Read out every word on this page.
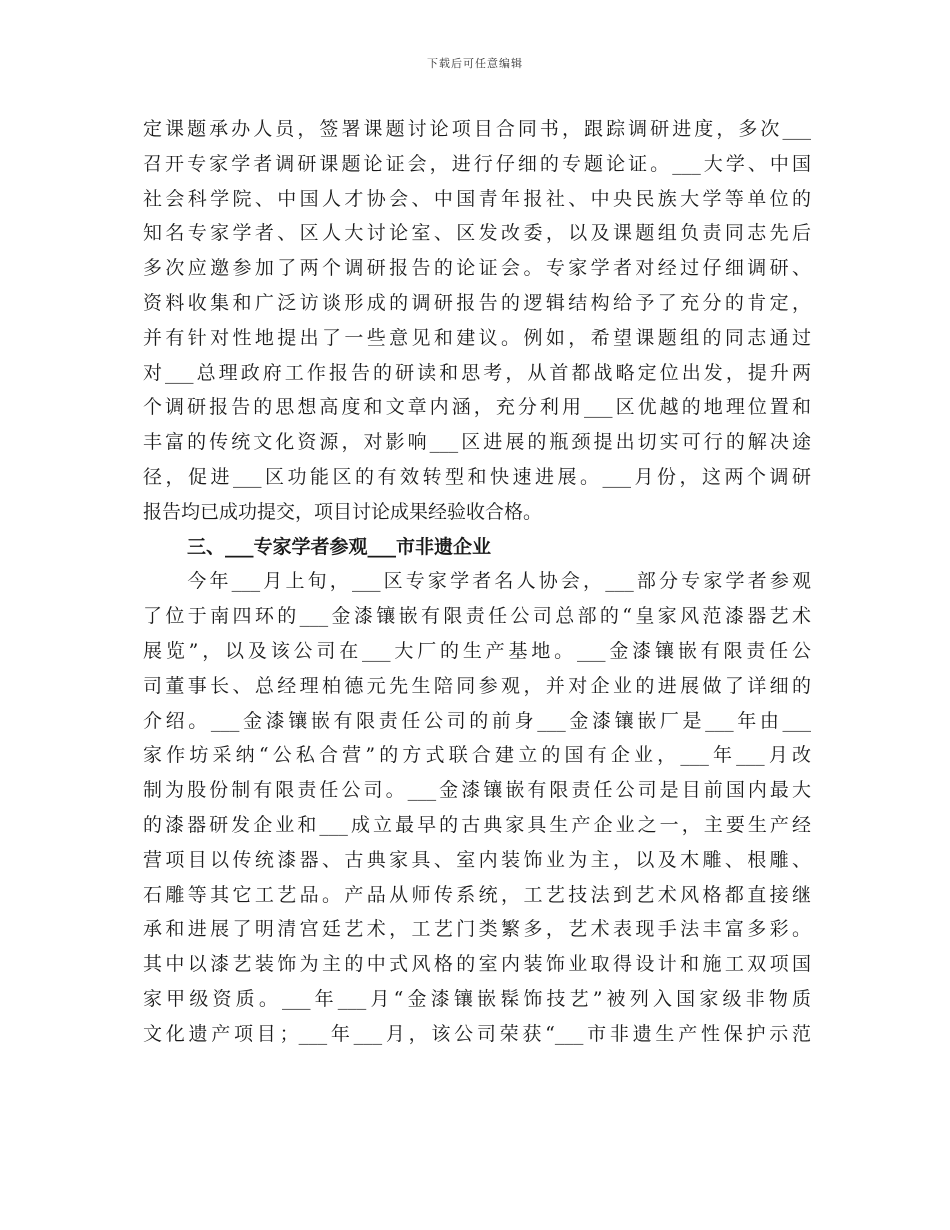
下载后可任意编辑
定课题承办人员，签署课题讨论项目合同书，跟踪调研进度，多次___
召开专家学者调研课题论证会，进行仔细的专题论证。___大学、中国
社会科学院、中国人才协会、中国青年报社、中央民族大学等单位的
知名专家学者、区人大讨论室、区发改委，以及课题组负责同志先后
多次应邀参加了两个调研报告的论证会。专家学者对经过仔细调研、
资料收集和广泛访谈形成的调研报告的逻辑结构给予了充分的肯定，
并有针对性地提出了一些意见和建议。例如，希望课题组的同志通过
对___总理政府工作报告的研读和思考，从首都战略定位出发，提升两
个调研报告的思想高度和文章内涵，充分利用___区优越的地理位置和
丰富的传统文化资源，对影响___区进展的瓶颈提出切实可行的解决途
径，促进___区功能区的有效转型和快速进展。___月份，这两个调研
报告均已成功提交，项目讨论成果经验收合格。
三、___专家学者参观___市非遗企业
　　今年___月上旬，___区专家学者名人协会，___部分专家学者参观
了位于南四环的___金漆镶嵌有限责任公司总部的“皇家风范漆器艺术
展览”，以及该公司在___大厂的生产基地。___金漆镶嵌有限责任公
司董事长、总经理柏德元先生陪同参观，并对企业的进展做了详细的
介绍。___金漆镶嵌有限责任公司的前身___金漆镶嵌厂是___年由___
家作坊采纳“公私合营”的方式联合建立的国有企业，___年___月改
制为股份制有限责任公司。___金漆镶嵌有限责任公司是目前国内最大
的漆器研发企业和___成立最早的古典家具生产企业之一，主要生产经
营项目以传统漆器、古典家具、室内装饰业为主，以及木雕、根雕、
石雕等其它工艺品。产品从师传系统，工艺技法到艺术风格都直接继
承和进展了明清宫廷艺术，工艺门类繁多，艺术表现手法丰富多彩。
其中以漆艺装饰为主的中式风格的室内装饰业取得设计和施工双项国
家甲级资质。___年___月“金漆镶嵌髹饰技艺”被列入国家级非物质
文化遗产项目；___年___月，该公司荣获“___市非遗生产性保护示范
